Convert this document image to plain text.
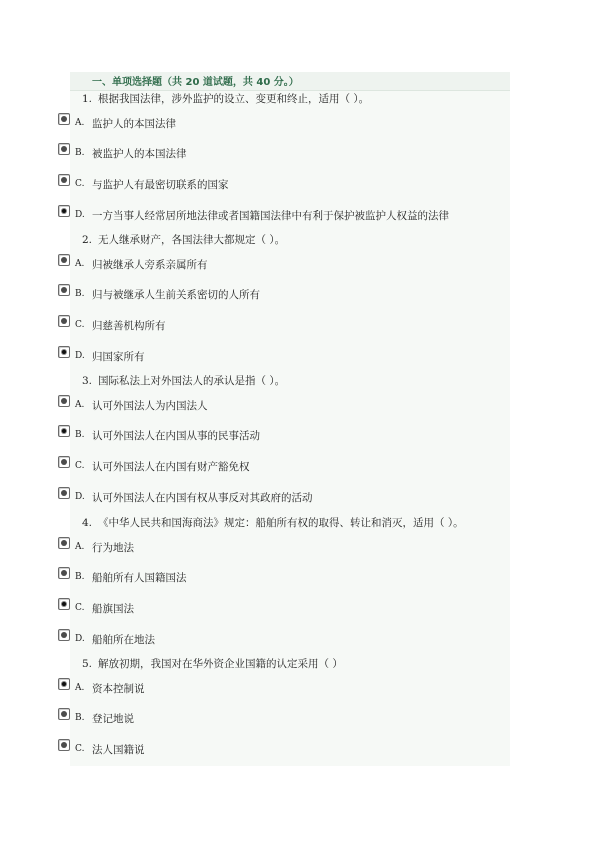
一、单项选择题（共 20 道试题，共 40 分。）
1. 根据我国法律，涉外监护的设立、变更和终止，适用（ ）。
A. 监护人的本国法律
B. 被监护人的本国法律
C. 与监护人有最密切联系的国家
D. 一方当事人经常居所地法律或者国籍国法律中有利于保护被监护人权益的法律
2. 无人继承财产，各国法律大都规定（ ）。
A. 归被继承人旁系亲属所有
B. 归与被继承人生前关系密切的人所有
C. 归慈善机构所有
D. 归国家所有
3. 国际私法上对外国法人的承认是指（ ）。
A. 认可外国法人为内国法人
B. 认可外国法人在内国从事的民事活动
C. 认可外国法人在内国有财产豁免权
D. 认可外国法人在内国有权从事反对其政府的活动
4. 《中华人民共和国海商法》规定：船舶所有权的取得、转让和消灭，适用（ ）。
A. 行为地法
B. 船舶所有人国籍国法
C. 船旗国法
D. 船舶所在地法
5. 解放初期，我国对在华外资企业国籍的认定采用（ ）
A. 资本控制说
B. 登记地说
C. 法人国籍说
